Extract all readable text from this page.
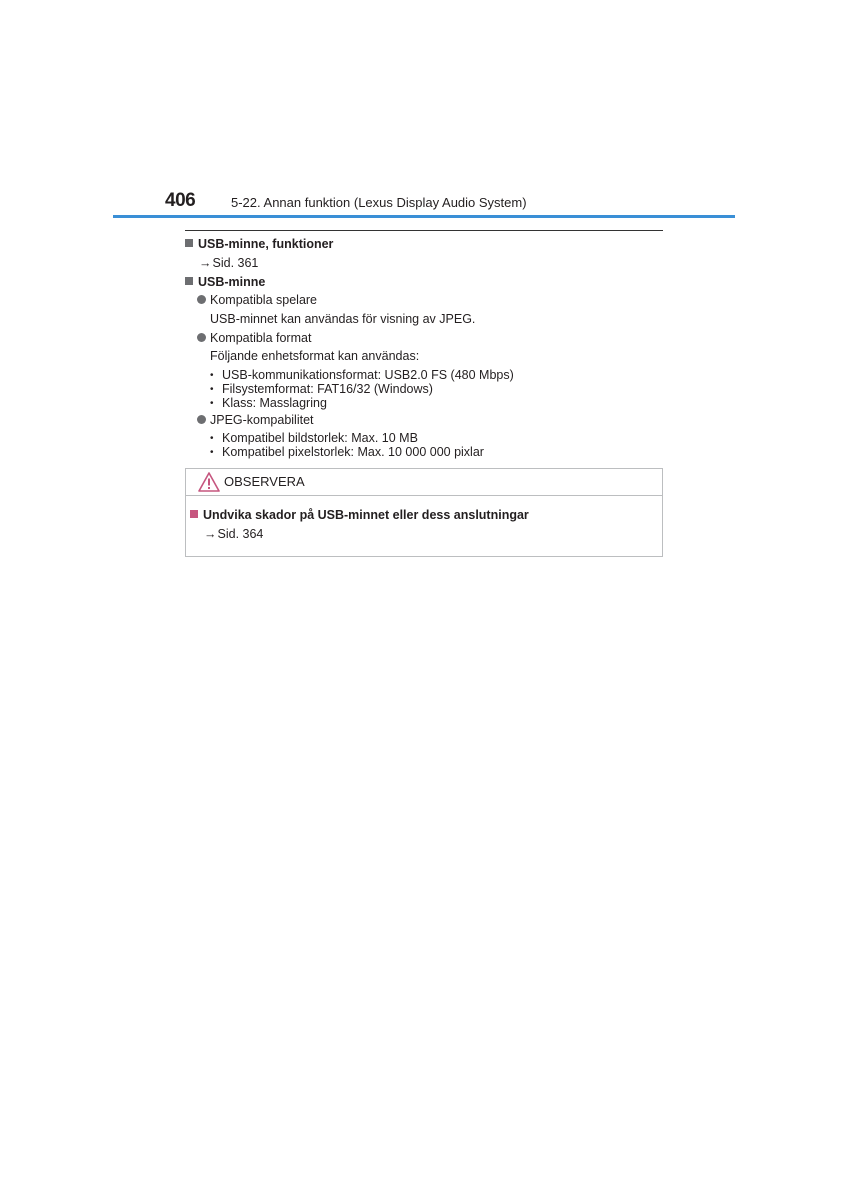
406	5-22. Annan funktion (Lexus Display Audio System)
USB-minne, funktioner
→Sid. 361
USB-minne
Kompatibla spelare
USB-minnet kan användas för visning av JPEG.
Kompatibla format
Följande enhetsformat kan användas:
• USB-kommunikationsformat: USB2.0 FS (480 Mbps)
• Filsystemformat: FAT16/32 (Windows)
• Klass: Masslagring
JPEG-kompabilitet
• Kompatibel bildstorlek: Max. 10 MB
• Kompatibel pixelstorlek: Max. 10 000 000 pixlar
OBSERVERA
Undvika skador på USB-minnet eller dess anslutningar
→Sid. 364
